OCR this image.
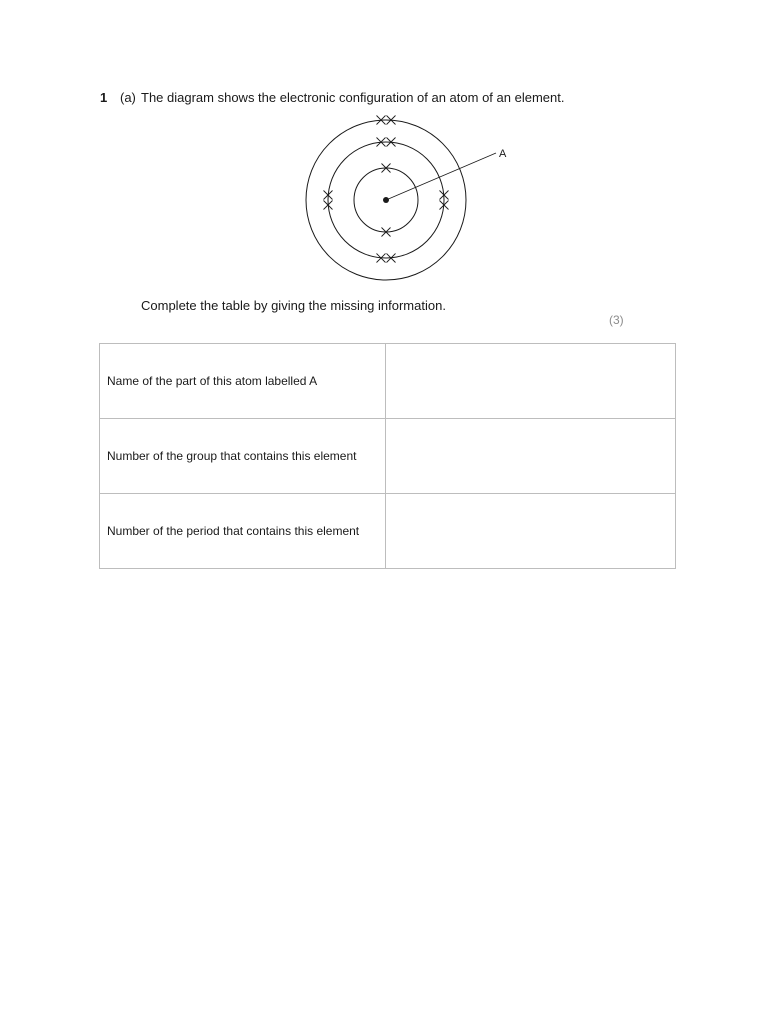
1 (a) The diagram shows the electronic configuration of an atom of an element.
A
Complete the table by giving the missing information.
(3)
Name of the part of this atom labelled A	
Number of the group that contains this element	
Number of the period that contains this element	
